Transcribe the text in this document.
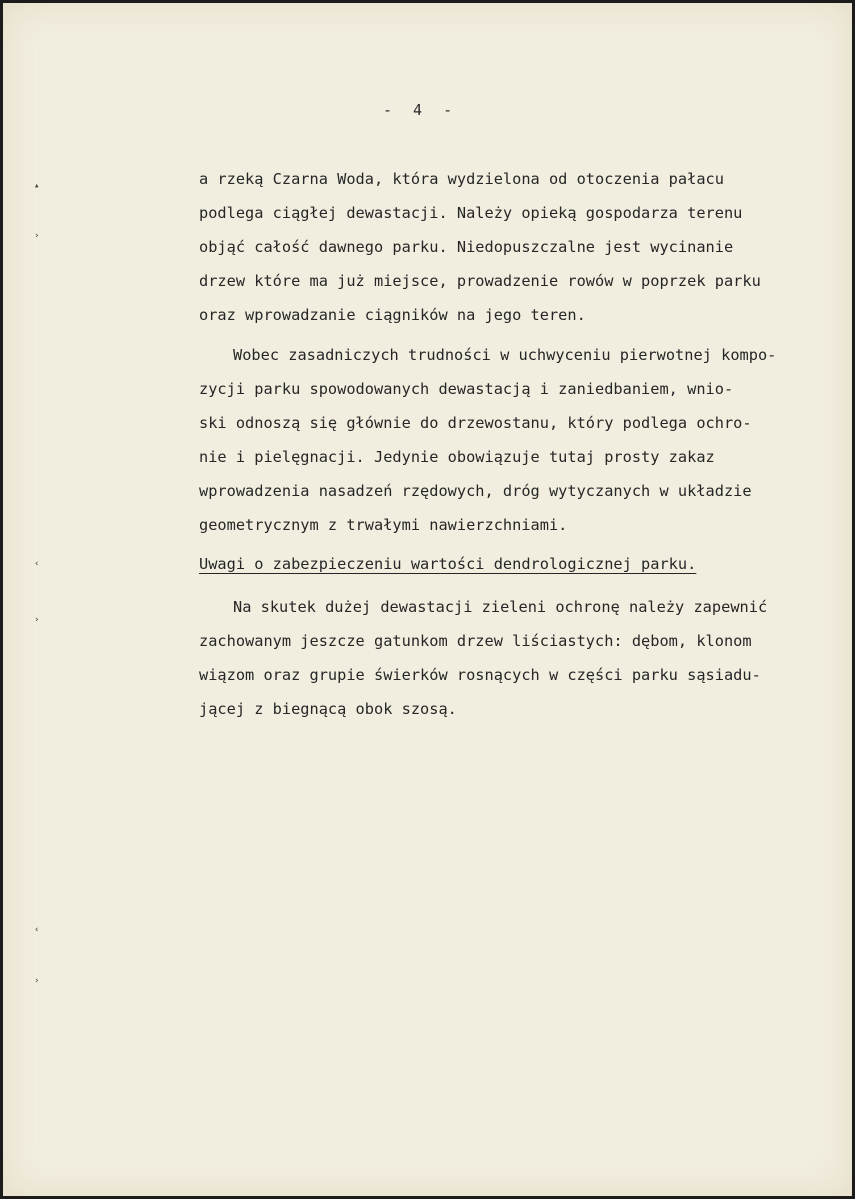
- 4 -
▴
›
‹
›
‹
›
a rzeką Czarna Woda, która wydzielona od otoczenia pałacu
podlega ciągłej dewastacji. Należy opieką gospodarza terenu
objąć całość dawnego parku. Niedopuszczalne jest wycinanie
drzew które ma już miejsce, prowadzenie rowów w poprzek parku
oraz wprowadzanie ciągników na jego teren.
Wobec zasadniczych trudności w uchwyceniu pierwotnej kompo-
zycji parku spowodowanych dewastacją i zaniedbaniem, wnio-
ski odnoszą się głównie do drzewostanu, który podlega ochro-
nie i pielęgnacji. Jedynie obowiązuje tutaj prosty zakaz
wprowadzenia nasadzeń rzędowych, dróg wytyczanych w układzie
geometrycznym z trwałymi nawierzchniami.
Uwagi o zabezpieczeniu wartości dendrologicznej parku.
Na skutek dużej dewastacji zieleni ochronę należy zapewnić
zachowanym jeszcze gatunkom drzew liściastych: dębom, klonom
wiązom oraz grupie świerków rosnących w części parku sąsiadu-
jącej z biegnącą obok szosą.
